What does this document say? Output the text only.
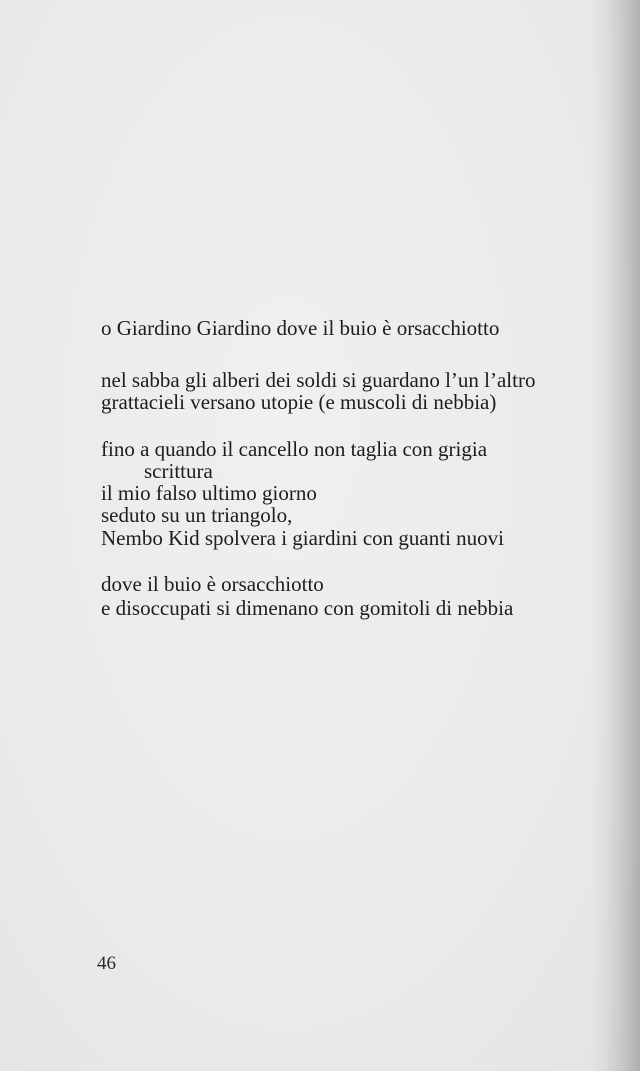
o Giardino Giardino dove il buio è orsacchiotto
nel sabba gli alberi dei soldi si guardano l’un l’altro
grattacieli versano utopie (e muscoli di nebbia)
fino a quando il cancello non taglia con grigia
scrittura
il mio falso ultimo giorno
seduto su un triangolo,
Nembo Kid spolvera i giardini con guanti nuovi
dove il buio è orsacchiotto
e disoccupati si dimenano con gomitoli di nebbia
46
